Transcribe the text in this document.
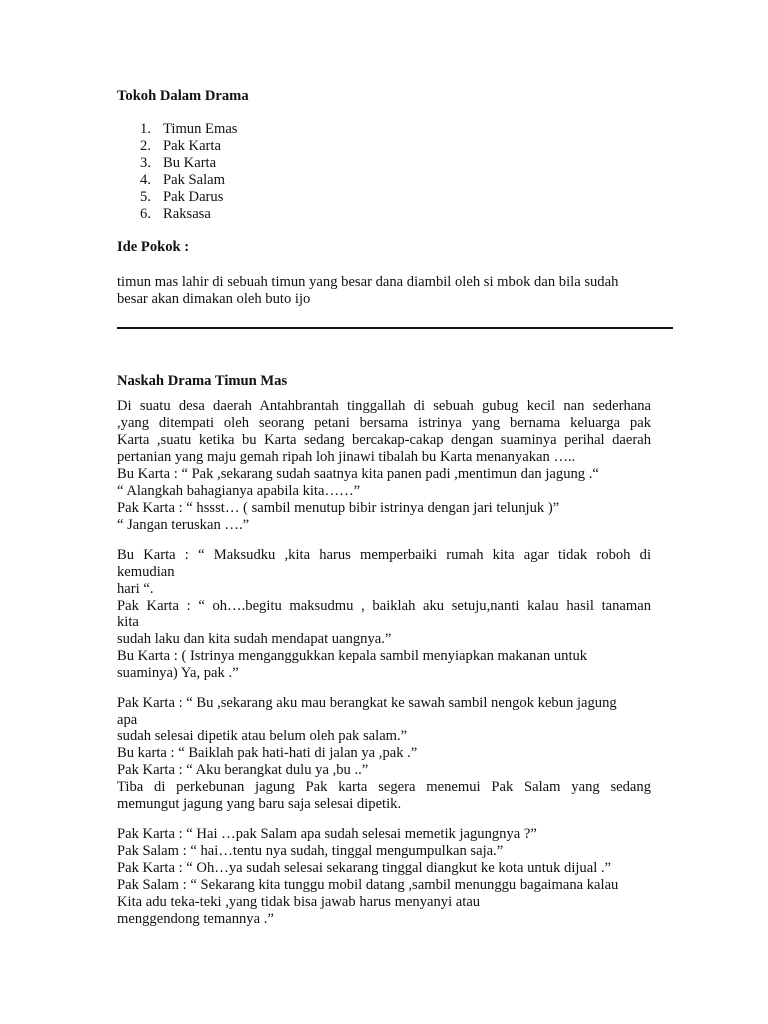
Tokoh Dalam Drama
1. Timun Emas
2. Pak Karta
3. Bu Karta
4. Pak Salam
5. Pak Darus
6. Raksasa
Ide Pokok :
timun mas lahir di sebuah timun yang besar dana diambil oleh si mbok dan bila sudah
besar akan dimakan oleh buto ijo
Naskah Drama Timun Mas
Di suatu desa daerah Antahbrantah tinggallah di sebuah gubug kecil nan sederhana
,yang ditempati oleh seorang petani bersama istrinya yang bernama keluarga pak
Karta ,suatu ketika bu Karta sedang bercakap-cakap dengan suaminya perihal daerah
pertanian yang maju gemah ripah loh jinawi tibalah bu Karta menanyakan …..
Bu Karta : “ Pak ,sekarang sudah saatnya kita panen padi ,mentimun dan jagung .“
“ Alangkah bahagianya apabila kita……”
Pak Karta : “ hssst… ( sambil menutup bibir istrinya dengan jari telunjuk )”
“ Jangan teruskan ….”
Bu Karta : “ Maksudku ,kita harus memperbaiki rumah kita agar tidak roboh di
kemudian
hari “.
Pak Karta : “ oh….begitu maksudmu , baiklah aku setuju,nanti kalau hasil tanaman
kita
sudah laku dan kita sudah mendapat uangnya.”
Bu Karta : ( Istrinya menganggukkan kepala sambil menyiapkan makanan untuk
suaminya) Ya, pak .”
Pak Karta : “ Bu ,sekarang aku mau berangkat ke sawah sambil nengok kebun jagung
apa
sudah selesai dipetik atau belum oleh pak salam.”
Bu karta : “ Baiklah pak hati-hati di jalan ya ,pak .”
Pak Karta : “ Aku berangkat dulu ya ,bu ..”
Tiba di perkebunan jagung Pak karta segera menemui Pak Salam yang sedang
memungut jagung yang baru saja selesai dipetik.
Pak Karta : “ Hai …pak Salam apa sudah selesai memetik jagungnya ?”
Pak Salam : “ hai…tentu nya sudah, tinggal mengumpulkan saja.”
Pak Karta : “ Oh…ya sudah selesai sekarang tinggal diangkut ke kota untuk dijual .”
Pak Salam : “ Sekarang kita tunggu mobil datang ,sambil menunggu bagaimana kalau
Kita adu teka-teki ,yang tidak bisa jawab harus menyanyi atau
menggendong temannya .”
